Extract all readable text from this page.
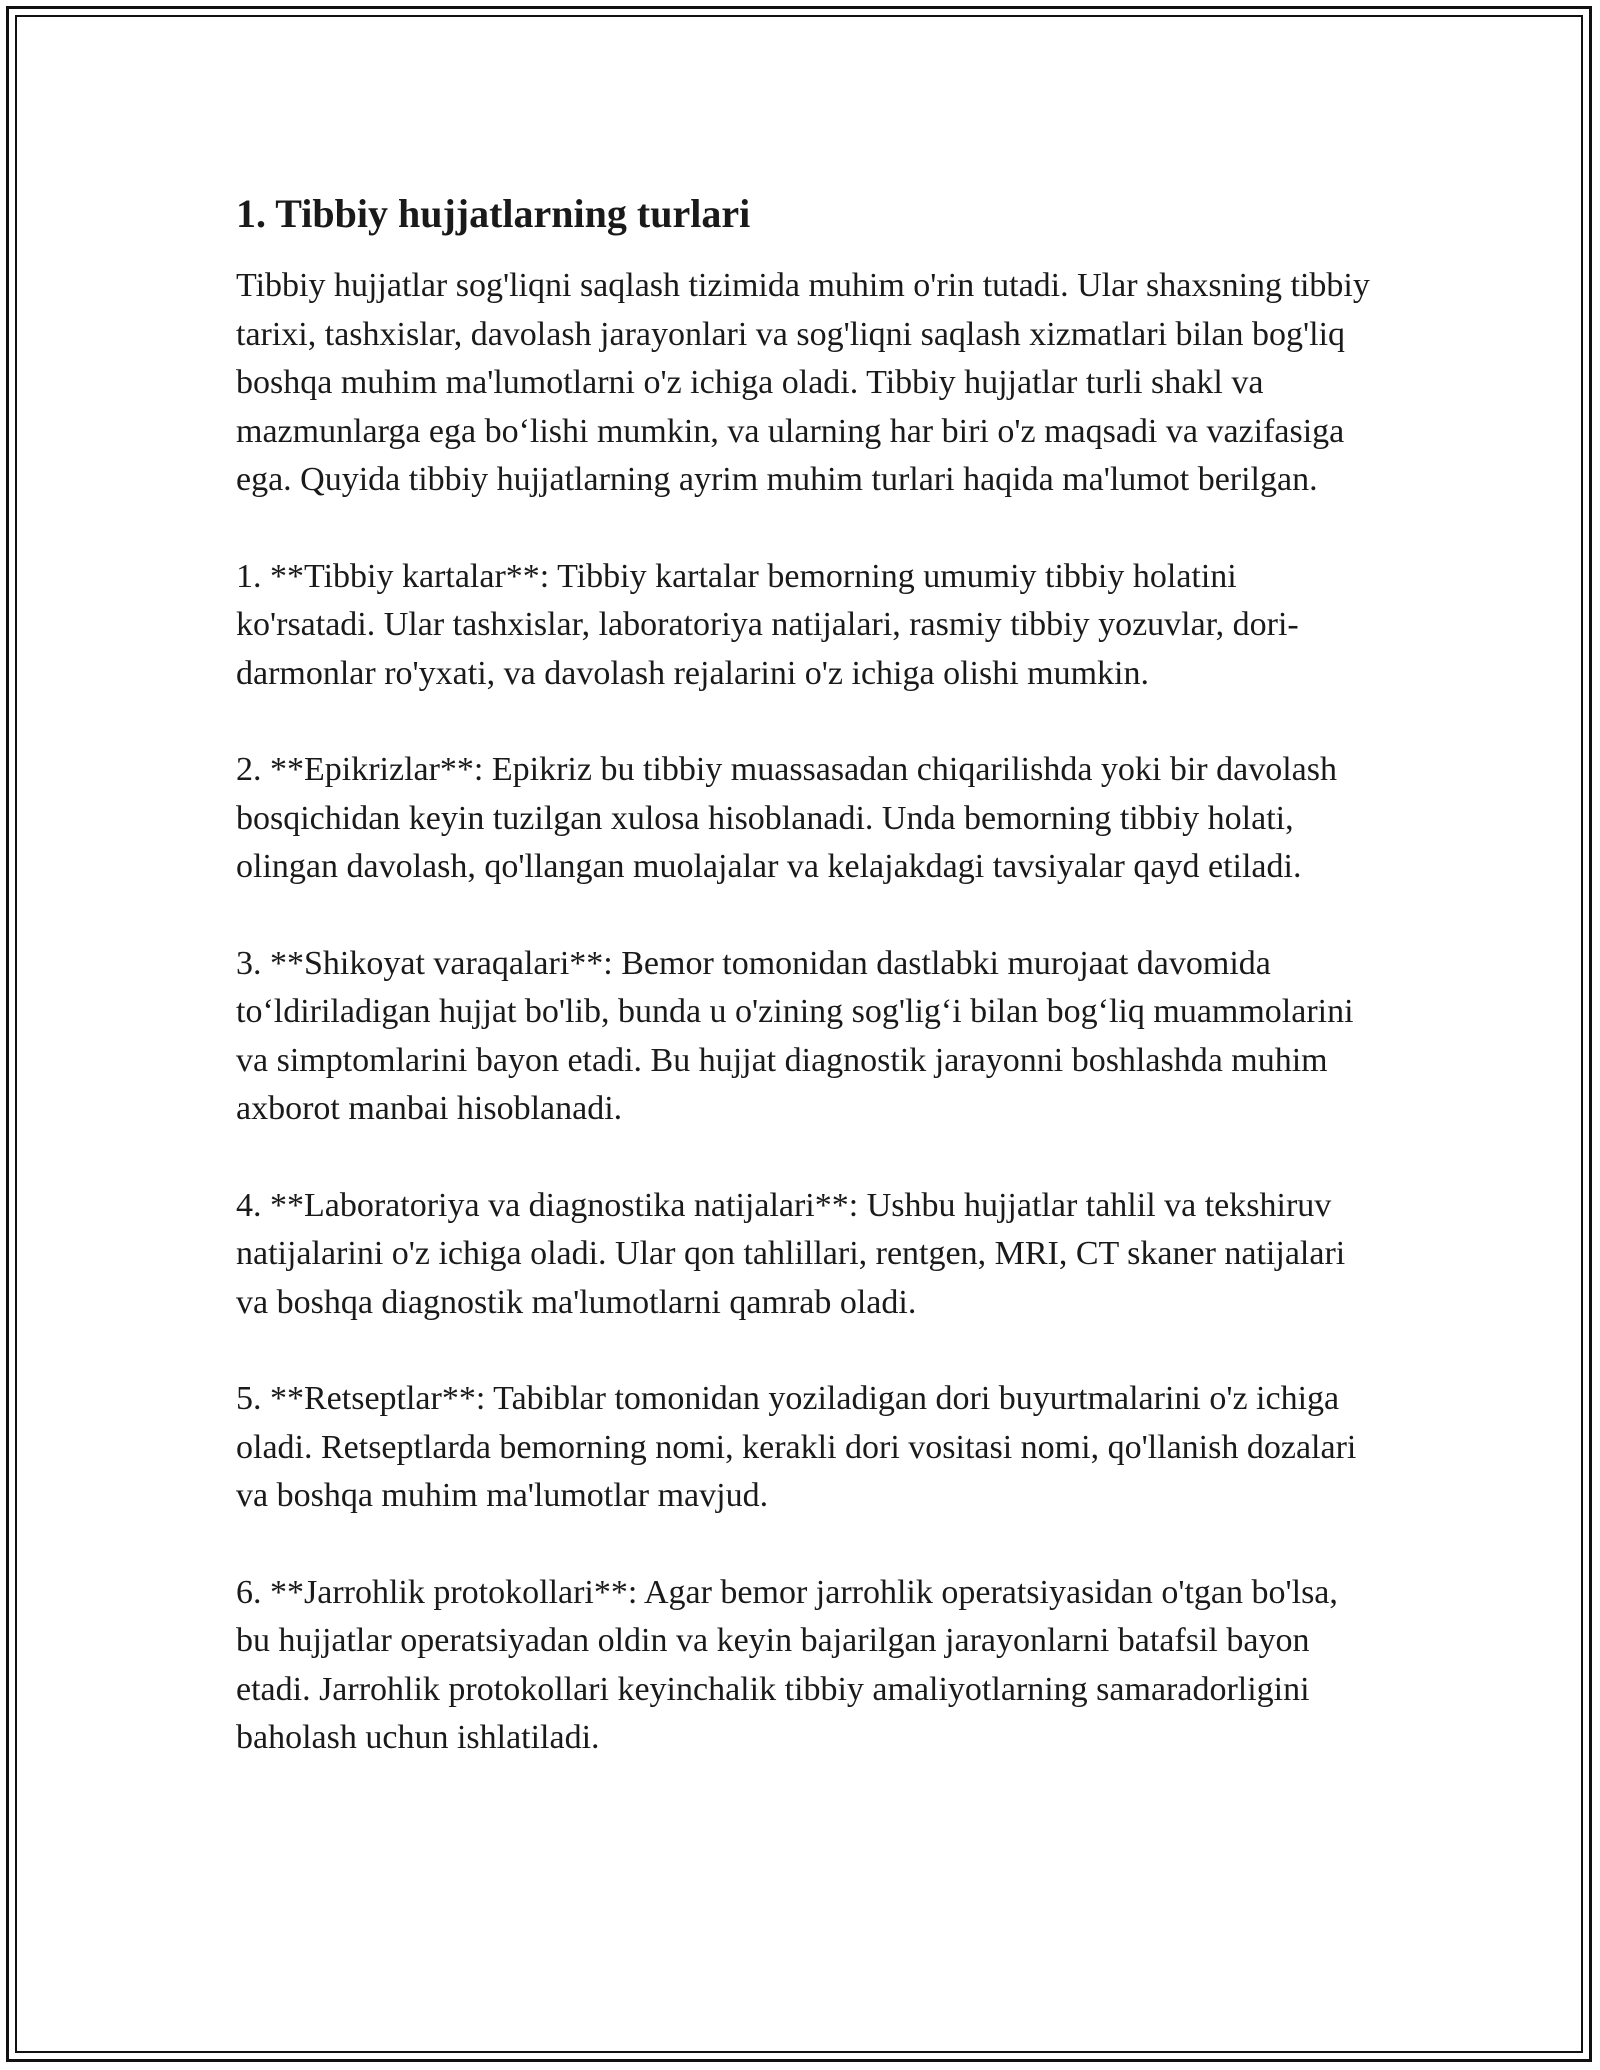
1. Tibbiy hujjatlarning turlari

Tibbiy hujjatlar sog'liqni saqlash tizimida muhim o'rin tutadi. Ular shaxsning tibbiy tarixi, tashxislar, davolash jarayonlari va sog'liqni saqlash xizmatlari bilan bog'liq boshqa muhim ma'lumotlarni o'z ichiga oladi. Tibbiy hujjatlar turli shakl va mazmunlarga ega bo‘lishi mumkin, va ularning har biri o'z maqsadi va vazifasiga ega. Quyida tibbiy hujjatlarning ayrim muhim turlari haqida ma'lumot berilgan.

1. **Tibbiy kartalar**: Tibbiy kartalar bemorning umumiy tibbiy holatini ko'rsatadi. Ular tashxislar, laboratoriya natijalari, rasmiy tibbiy yozuvlar, dori-darmonlar ro'yxati, va davolash rejalarini o'z ichiga olishi mumkin.

2. **Epikrizlar**: Epikriz bu tibbiy muassasadan chiqarilishda yoki bir davolash bosqichidan keyin tuzilgan xulosa hisoblanadi. Unda bemorning tibbiy holati, olingan davolash, qo'llangan muolajalar va kelajakdagi tavsiyalar qayd etiladi.

3. **Shikoyat varaqalari**: Bemor tomonidan dastlabki murojaat davomida to‘ldiriladigan hujjat bo'lib, bunda u o'zining sog'lig‘i bilan bog‘liq muammolarini va simptomlarini bayon etadi. Bu hujjat diagnostik jarayonni boshlashda muhim axborot manbai hisoblanadi.

4. **Laboratoriya va diagnostika natijalari**: Ushbu hujjatlar tahlil va tekshiruv natijalarini o'z ichiga oladi. Ular qon tahlillari, rentgen, MRI, CT skaner natijalari va boshqa diagnostik ma'lumotlarni qamrab oladi.

5. **Retseptlar**: Tabiblar tomonidan yoziladigan dori buyurtmalarini o'z ichiga oladi. Retseptlarda bemorning nomi, kerakli dori vositasi nomi, qo'llanish dozalari va boshqa muhim ma'lumotlar mavjud.

6. **Jarrohlik protokollari**: Agar bemor jarrohlik operatsiyasidan o'tgan bo'lsa, bu hujjatlar operatsiyadan oldin va keyin bajarilgan jarayonlarni batafsil bayon etadi. Jarrohlik protokollari keyinchalik tibbiy amaliyotlarning samaradorligini baholash uchun ishlatiladi.
